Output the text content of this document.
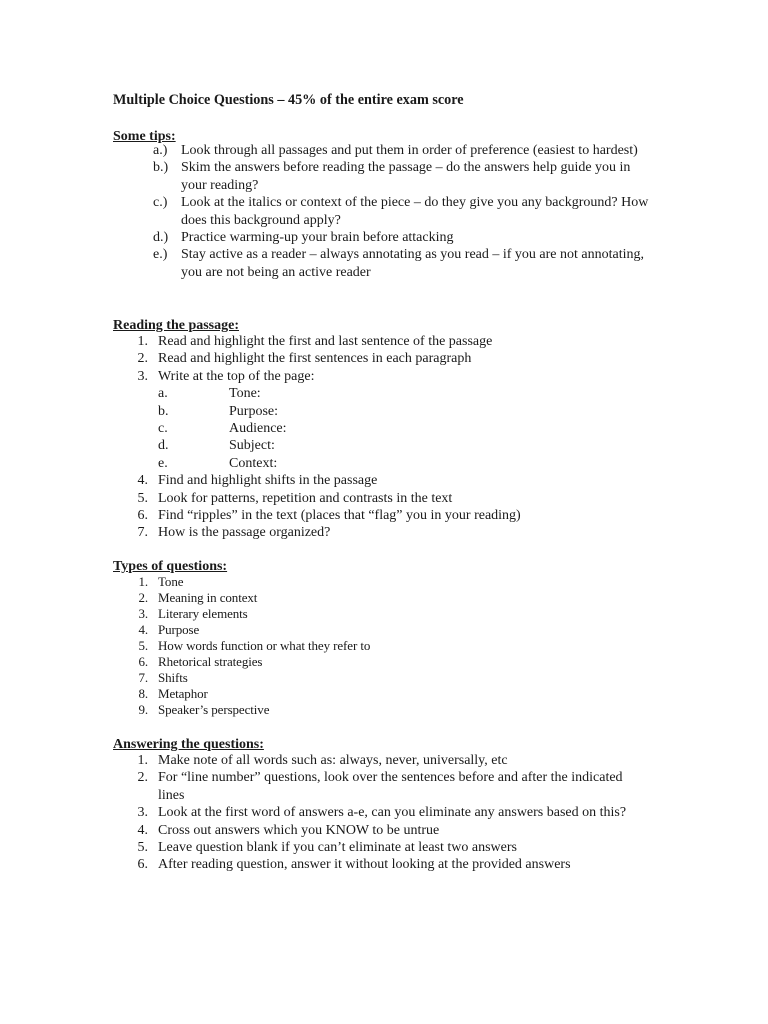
Multiple Choice Questions – 45% of the entire exam score
Some tips:
a.) Look through all passages and put them in order of preference (easiest to hardest)
b.) Skim the answers before reading the passage – do the answers help guide you in your reading?
c.) Look at the italics or context of the piece – do they give you any background? How does this background apply?
d.) Practice warming-up your brain before attacking
e.) Stay active as a reader – always annotating as you read – if you are not annotating, you are not being an active reader
Reading the passage:
1. Read and highlight the first and last sentence of the passage
2. Read and highlight the first sentences in each paragraph
3. Write at the top of the page:
a.	Tone:
b.	Purpose:
c.	Audience:
d.	Subject:
e.	Context:
4. Find and highlight shifts in the passage
5. Look for patterns, repetition and contrasts in the text
6. Find “ripples” in the text (places that “flag” you in your reading)
7. How is the passage organized?
Types of questions:
1. Tone
2. Meaning in context
3. Literary elements
4. Purpose
5. How words function or what they refer to
6. Rhetorical strategies
7. Shifts
8. Metaphor
9. Speaker’s perspective
Answering the questions:
1. Make note of all words such as: always, never, universally, etc
2. For “line number” questions, look over the sentences before and after the indicated lines
3. Look at the first word of answers a-e, can you eliminate any answers based on this?
4. Cross out answers which you KNOW to be untrue
5. Leave question blank if you can’t eliminate at least two answers
6. After reading question, answer it without looking at the provided answers
